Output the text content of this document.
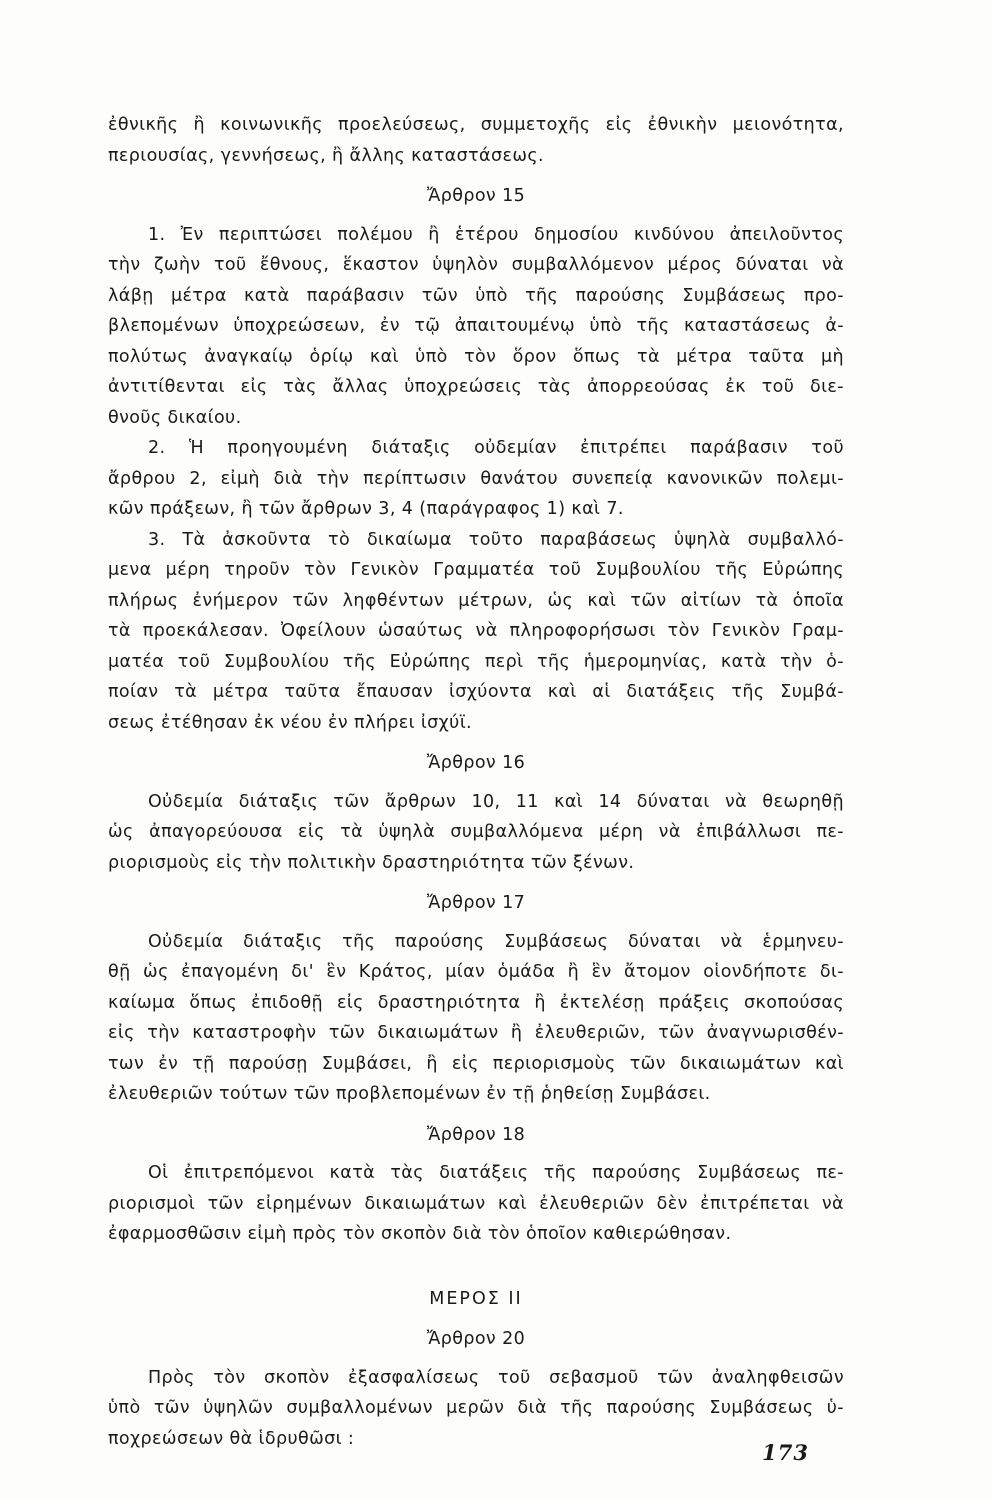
ἐθνικῆς ἢ κοινωνικῆς προελεύσεως, συμμετοχῆς εἰς ἐθνικὴν μειονότητα,
περιουσίας, γεννήσεως, ἢ ἄλλης καταστάσεως.
Ἄρθρον 15
1. Ἐν περιπτώσει πολέμου ἢ ἑτέρου δημοσίου κινδύνου ἀπειλοῦντος
τὴν ζωὴν τοῦ ἔθνους, ἕκαστον ὑψηλὸν συμβαλλόμενον μέρος δύναται νὰ
λάβῃ μέτρα κατὰ παράβασιν τῶν ὑπὸ τῆς παρούσης Συμβάσεως προ-
βλεπομένων ὑποχρεώσεων, ἐν τῷ ἀπαιτουμένῳ ὑπὸ τῆς καταστάσεως ἀ-
πολύτως ἀναγκαίῳ ὁρίῳ καὶ ὑπὸ τὸν ὅρον ὅπως τὰ μέτρα ταῦτα μὴ
ἀντιτίθενται εἰς τὰς ἄλλας ὑποχρεώσεις τὰς ἀπορρεούσας ἐκ τοῦ διε-
θνοῦς δικαίου.
2. Ἡ προηγουμένη διάταξις οὐδεμίαν ἐπιτρέπει παράβασιν τοῦ
ἄρθρου 2, εἰμὴ διὰ τὴν περίπτωσιν θανάτου συνεπείᾳ κανονικῶν πολεμι-
κῶν πράξεων, ἢ τῶν ἄρθρων 3, 4 (παράγραφος 1) καὶ 7.
3. Τὰ ἀσκοῦντα τὸ δικαίωμα τοῦτο παραβάσεως ὑψηλὰ συμβαλλό-
μενα μέρη τηροῦν τὸν Γενικὸν Γραμματέα τοῦ Συμβουλίου τῆς Εὐρώπης
πλήρως ἐνήμερον τῶν ληφθέντων μέτρων, ὡς καὶ τῶν αἰτίων τὰ ὁποῖα
τὰ προεκάλεσαν. Ὀφείλουν ὡσαύτως νὰ πληροφορήσωσι τὸν Γενικὸν Γραμ-
ματέα τοῦ Συμβουλίου τῆς Εὐρώπης περὶ τῆς ἡμερομηνίας, κατὰ τὴν ὁ-
ποίαν τὰ μέτρα ταῦτα ἔπαυσαν ἰσχύοντα καὶ αἱ διατάξεις τῆς Συμβά-
σεως ἐτέθησαν ἐκ νέου ἐν πλήρει ἰσχύϊ.
Ἄρθρον 16
Οὐδεμία διάταξις τῶν ἄρθρων 10, 11 καὶ 14 δύναται νὰ θεωρηθῇ
ὡς ἀπαγορεύουσα εἰς τὰ ὑψηλὰ συμβαλλόμενα μέρη νὰ ἐπιβάλλωσι πε-
ριορισμοὺς εἰς τὴν πολιτικὴν δραστηριότητα τῶν ξένων.
Ἄρθρον 17
Οὐδεμία διάταξις τῆς παρούσης Συμβάσεως δύναται νὰ ἑρμηνευ-
θῇ ὡς ἐπαγομένη δι' ἓν Κράτος, μίαν ὁμάδα ἢ ἓν ἄτομον οἱονδήποτε δι-
καίωμα ὅπως ἐπιδοθῇ εἰς δραστηριότητα ἢ ἐκτελέσῃ πράξεις σκοπούσας
εἰς τὴν καταστροφὴν τῶν δικαιωμάτων ἢ ἐλευθεριῶν, τῶν ἀναγνωρισθέν-
των ἐν τῇ παρούσῃ Συμβάσει, ἢ εἰς περιορισμοὺς τῶν δικαιωμάτων καὶ
ἐλευθεριῶν τούτων τῶν προβλεπομένων ἐν τῇ ῥηθείσῃ Συμβάσει.
Ἄρθρον 18
Οἱ ἐπιτρεπόμενοι κατὰ τὰς διατάξεις τῆς παρούσης Συμβάσεως πε-
ριορισμοὶ τῶν εἰρημένων δικαιωμάτων καὶ ἐλευθεριῶν δὲν ἐπιτρέπεται νὰ
ἐφαρμοσθῶσιν εἰμὴ πρὸς τὸν σκοπὸν διὰ τὸν ὁποῖον καθιερώθησαν.
ΜΕΡΟΣ ΙΙ
Ἄρθρον 20
Πρὸς τὸν σκοπὸν ἐξασφαλίσεως τοῦ σεβασμοῦ τῶν ἀναληφθεισῶν
ὑπὸ τῶν ὑψηλῶν συμβαλλομένων μερῶν διὰ τῆς παρούσης Συμβάσεως ὑ-
ποχρεώσεων θὰ ἱδρυθῶσι :
173
